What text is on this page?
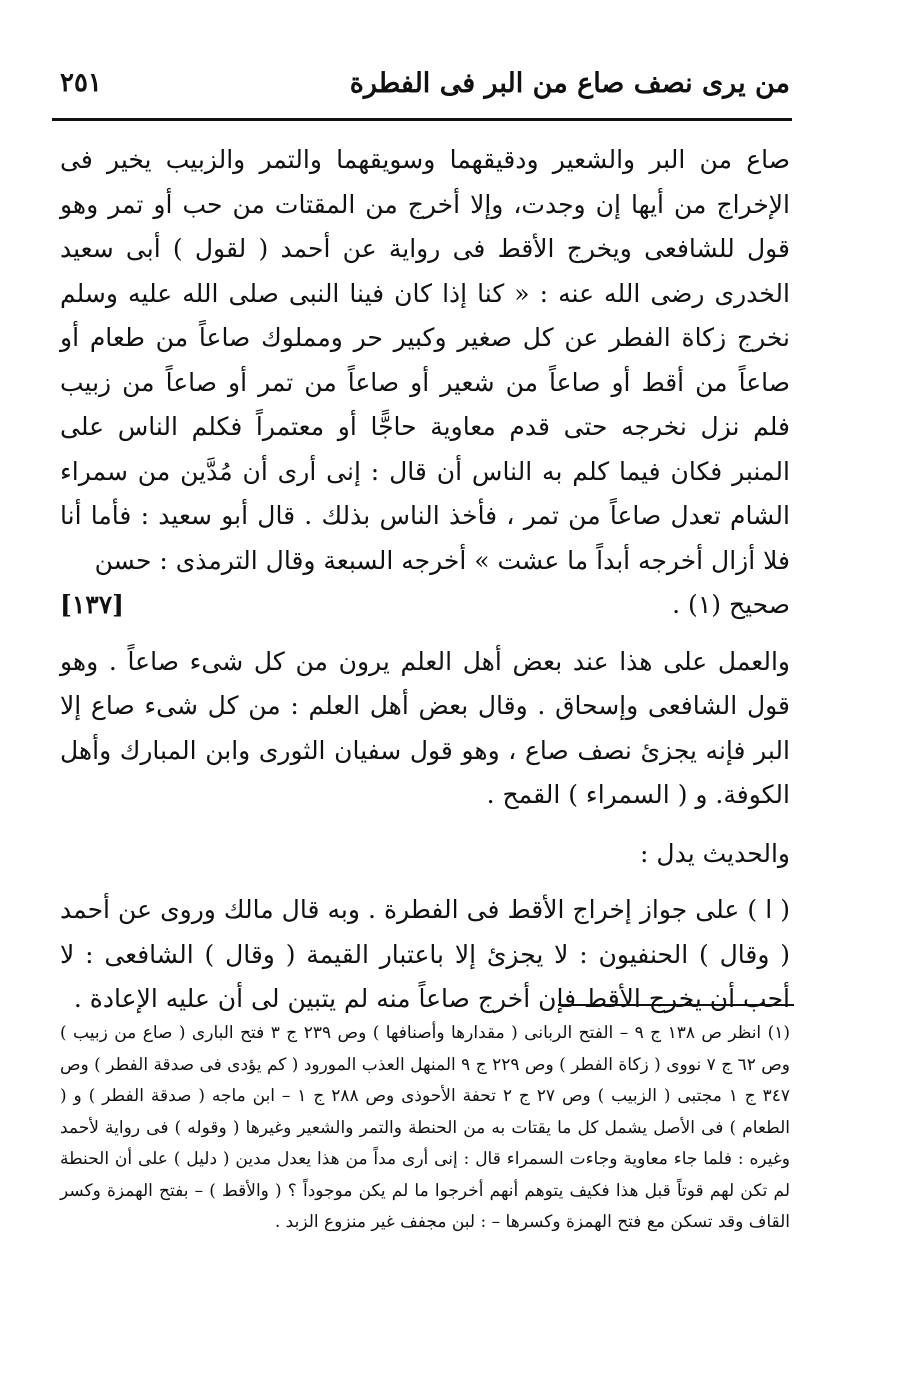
من يرى نصف صاع من البر فى الفطرة
٢٥١

صاع من البر والشعير ودقيقهما وسويقهما والتمر والزبيب يخير فى الإخراج من أيها إن وجدت، وإلا أخرج من المقتات من حب أو تمر وهو قول للشافعى ويخرج الأقط فى رواية عن أحمد ( لقول ) أبى سعيد الخدرى رضى الله عنه : « كنا إذا كان فينا النبى صلى الله عليه وسلم نخرج زكاة الفطر عن كل صغير وكبير حر ومملوك صاعاً من طعام أو صاعاً من أقط أو صاعاً من شعير أو صاعاً من تمر أو صاعاً من زبيب فلم نزل نخرجه حتى قدم معاوية حاجًّا أو معتمراً فكلم الناس على المنبر فكان فيما كلم به الناس أن قال : إنى أرى أن مُدَّين من سمراء الشام تعدل صاعاً من تمر ، فأخذ الناس بذلك . قال أبو سعيد : فأما أنا فلا أزال أخرجه أبداً ما عشت » أخرجه السبعة وقال الترمذى : حسن

صحيح (١) .
[١٣٧]

والعمل على هذا عند بعض أهل العلم يرون من كل شىء صاعاً . وهو قول الشافعى وإسحاق . وقال بعض أهل العلم : من كل شىء صاع إلا البر فإنه يجزئ نصف صاع ، وهو قول سفيان الثورى وابن المبارك وأهل الكوفة. و ( السمراء ) القمح .

والحديث يدل :

( ا ) على جواز إخراج الأقط فى الفطرة . وبه قال مالك وروى عن أحمد ( وقال ) الحنفيون : لا يجزئ إلا باعتبار القيمة ( وقال ) الشافعى : لا أحب أن يخرج الأقط فإن أخرج صاعاً منه لم يتبين لى أن عليه الإعادة .

(١) انظر ص ١٣٨ ج ٩ – الفتح الربانى ( مقدارها وأصنافها ) وص ٢٣٩ ج ٣ فتح البارى ( صاع من زبيب ) وص ٦٢ ج ٧ نووى ( زكاة الفطر ) وص ٢٢٩ ج ٩ المنهل العذب المورود ( كم يؤدى فى صدقة الفطر ) وص ٣٤٧ ج ١ مجتبى ( الزبيب ) وص ٢٧ ج ٢ تحفة الأحوذى وص ٢٨٨ ج ١ – ابن ماجه ( صدقة الفطر ) و ( الطعام ) فى الأصل يشمل كل ما يقتات به من الحنطة والتمر والشعير وغيرها ( وقوله ) فى رواية لأحمد وغيره : فلما جاء معاوية وجاءت السمراء قال : إنى أرى مداً من هذا يعدل مدين ( دليل ) على أن الحنطة لم تكن لهم قوتاً قبل هذا فكيف يتوهم أنهم أخرجوا ما لم يكن موجوداً ؟ ( والأقط ) – بفتح الهمزة وكسر القاف وقد تسكن مع فتح الهمزة وكسرها – : لبن مجفف غير منزوع الزبد .
